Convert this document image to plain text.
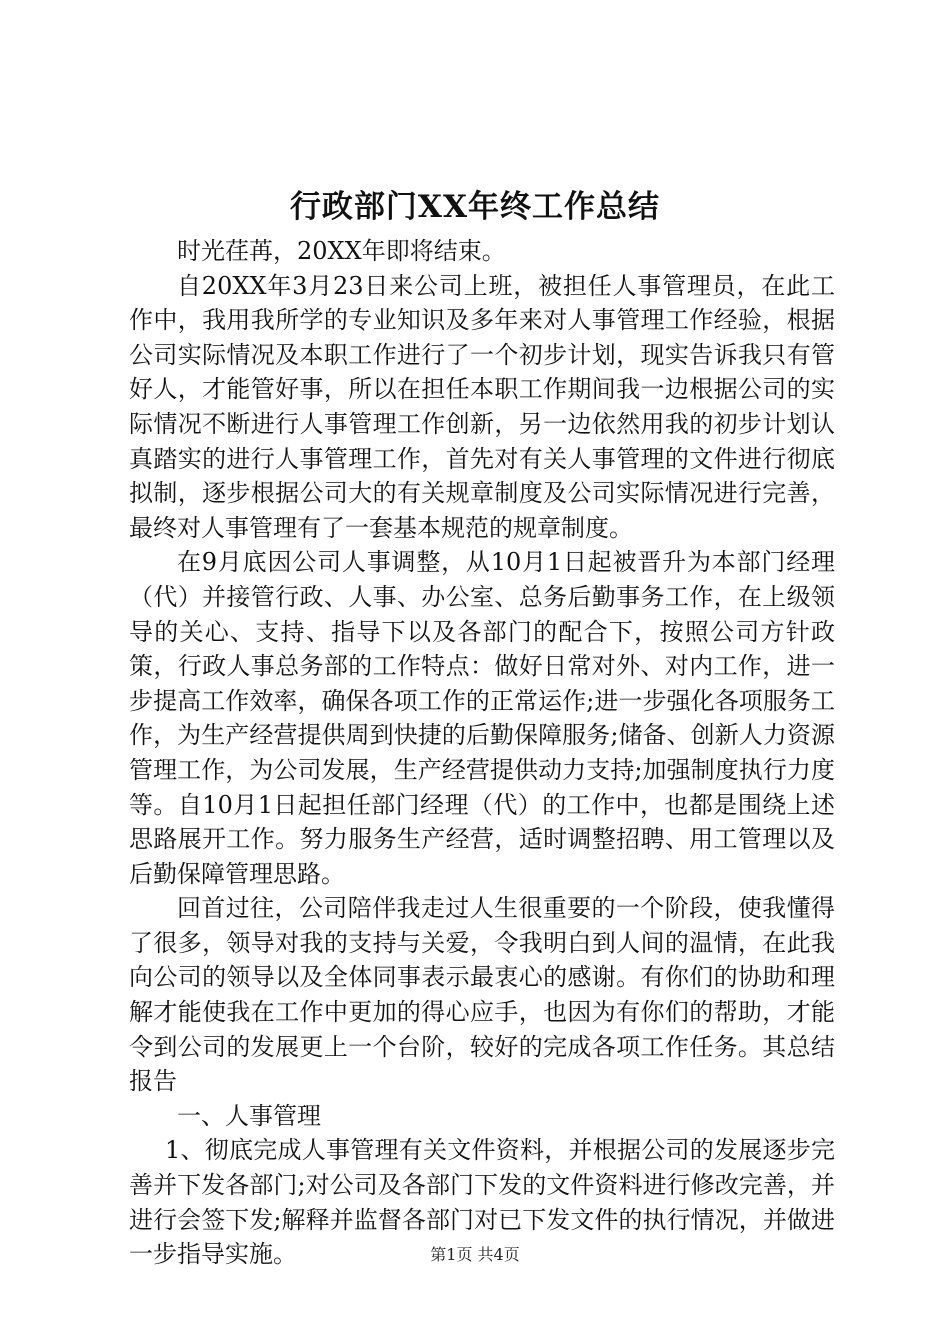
行政部门XX年终工作总结

时光荏苒，20XX年即将结束。

自20XX年3月23日来公司上班，被担任人事管理员，在此工作中，我用我所学的专业知识及多年来对人事管理工作经验，根据公司实际情况及本职工作进行了一个初步计划，现实告诉我只有管好人，才能管好事，所以在担任本职工作期间我一边根据公司的实际情况不断进行人事管理工作创新，另一边依然用我的初步计划认真踏实的进行人事管理工作，首先对有关人事管理的文件进行彻底拟制，逐步根据公司大的有关规章制度及公司实际情况进行完善，最终对人事管理有了一套基本规范的规章制度。

在9月底因公司人事调整，从10月1日起被晋升为本部门经理（代）并接管行政、人事、办公室、总务后勤事务工作，在上级领导的关心、支持、指导下以及各部门的配合下，按照公司方针政策，行政人事总务部的工作特点：做好日常对外、对内工作，进一步提高工作效率，确保各项工作的正常运作;进一步强化各项服务工作，为生产经营提供周到快捷的后勤保障服务;储备、创新人力资源管理工作，为公司发展，生产经营提供动力支持;加强制度执行力度等。自10月1日起担任部门经理（代）的工作中，也都是围绕上述思路展开工作。努力服务生产经营，适时调整招聘、用工管理以及后勤保障管理思路。

回首过往，公司陪伴我走过人生很重要的一个阶段，使我懂得了很多，领导对我的支持与关爱，令我明白到人间的温情，在此我向公司的领导以及全体同事表示最衷心的感谢。有你们的协助和理解才能使我在工作中更加的得心应手，也因为有你们的帮助，才能令到公司的发展更上一个台阶，较好的完成各项工作任务。其总结报告

一、人事管理

1、彻底完成人事管理有关文件资料，并根据公司的发展逐步完善并下发各部门;对公司及各部门下发的文件资料进行修改完善，并进行会签下发;解释并监督各部门对已下发文件的执行情况，并做进一步指导实施。	第1页 共4页
